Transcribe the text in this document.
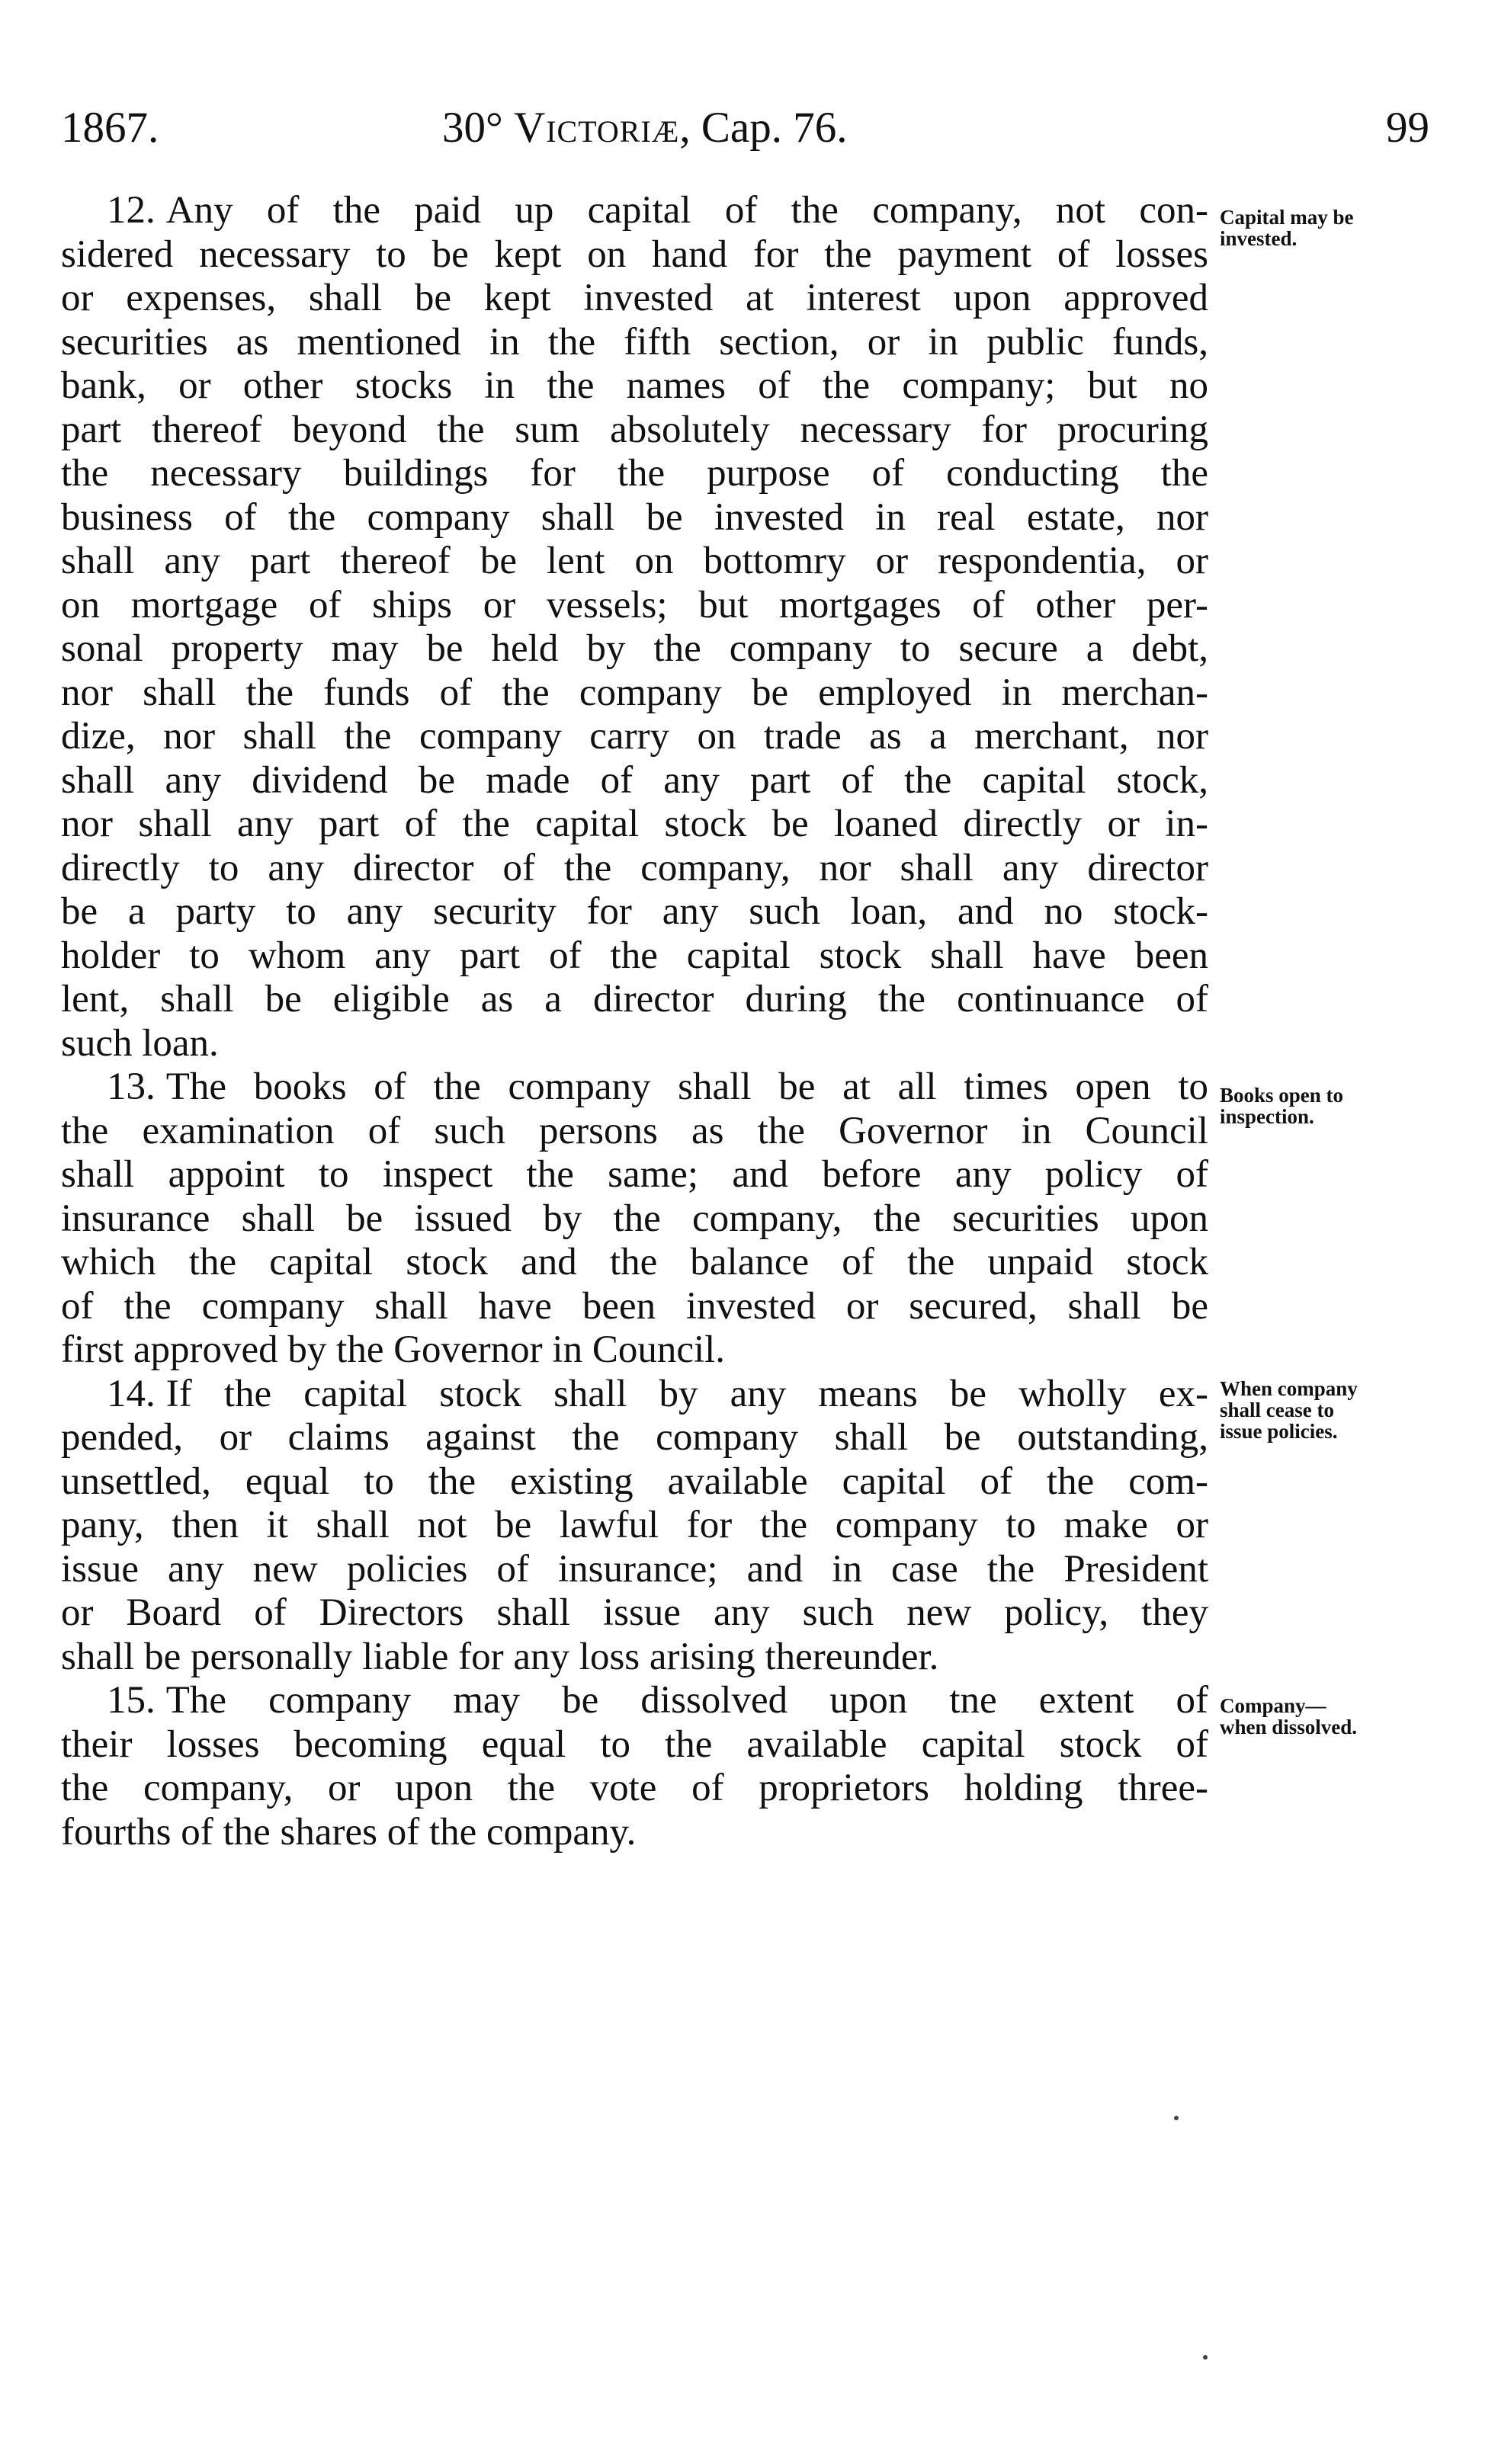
1867.	30° Victoriæ, Cap. 76.	99

12. Any of the paid up capital of the company, not con-
sidered necessary to be kept on hand for the payment of losses
or expenses, shall be kept invested at interest upon approved
securities as mentioned in the fifth section, or in public funds,
bank, or other stocks in the names of the company; but no
part thereof beyond the sum absolutely necessary for procuring
the necessary buildings for the purpose of conducting the
business of the company shall be invested in real estate, nor
shall any part thereof be lent on bottomry or respondentia, or
on mortgage of ships or vessels; but mortgages of other per-
sonal property may be held by the company to secure a debt,
nor shall the funds of the company be employed in merchan-
dize, nor shall the company carry on trade as a merchant, nor
shall any dividend be made of any part of the capital stock,
nor shall any part of the capital stock be loaned directly or in-
directly to any director of the company, nor shall any director
be a party to any security for any such loan, and no stock-
holder to whom any part of the capital stock shall have been
lent, shall be eligible as a director during the continuance of
such loan.

13. The books of the company shall be at all times open to
the examination of such persons as the Governor in Council
shall appoint to inspect the same; and before any policy of
insurance shall be issued by the company, the securities upon
which the capital stock and the balance of the unpaid stock
of the company shall have been invested or secured, shall be
first approved by the Governor in Council.

14. If the capital stock shall by any means be wholly ex-
pended, or claims against the company shall be outstanding,
unsettled, equal to the existing available capital of the com-
pany, then it shall not be lawful for the company to make or
issue any new policies of insurance; and in case the President
or Board of Directors shall issue any such new policy, they
shall be personally liable for any loss arising thereunder.

15. The company may be dissolved upon tne extent of
their losses becoming equal to the available capital stock of
the company, or upon the vote of proprietors holding three-
fourths of the shares of the company.

Capital may be
invested.
Books open to
inspection.
When company
shall cease to
issue policies.
Company—
when dissolved.
